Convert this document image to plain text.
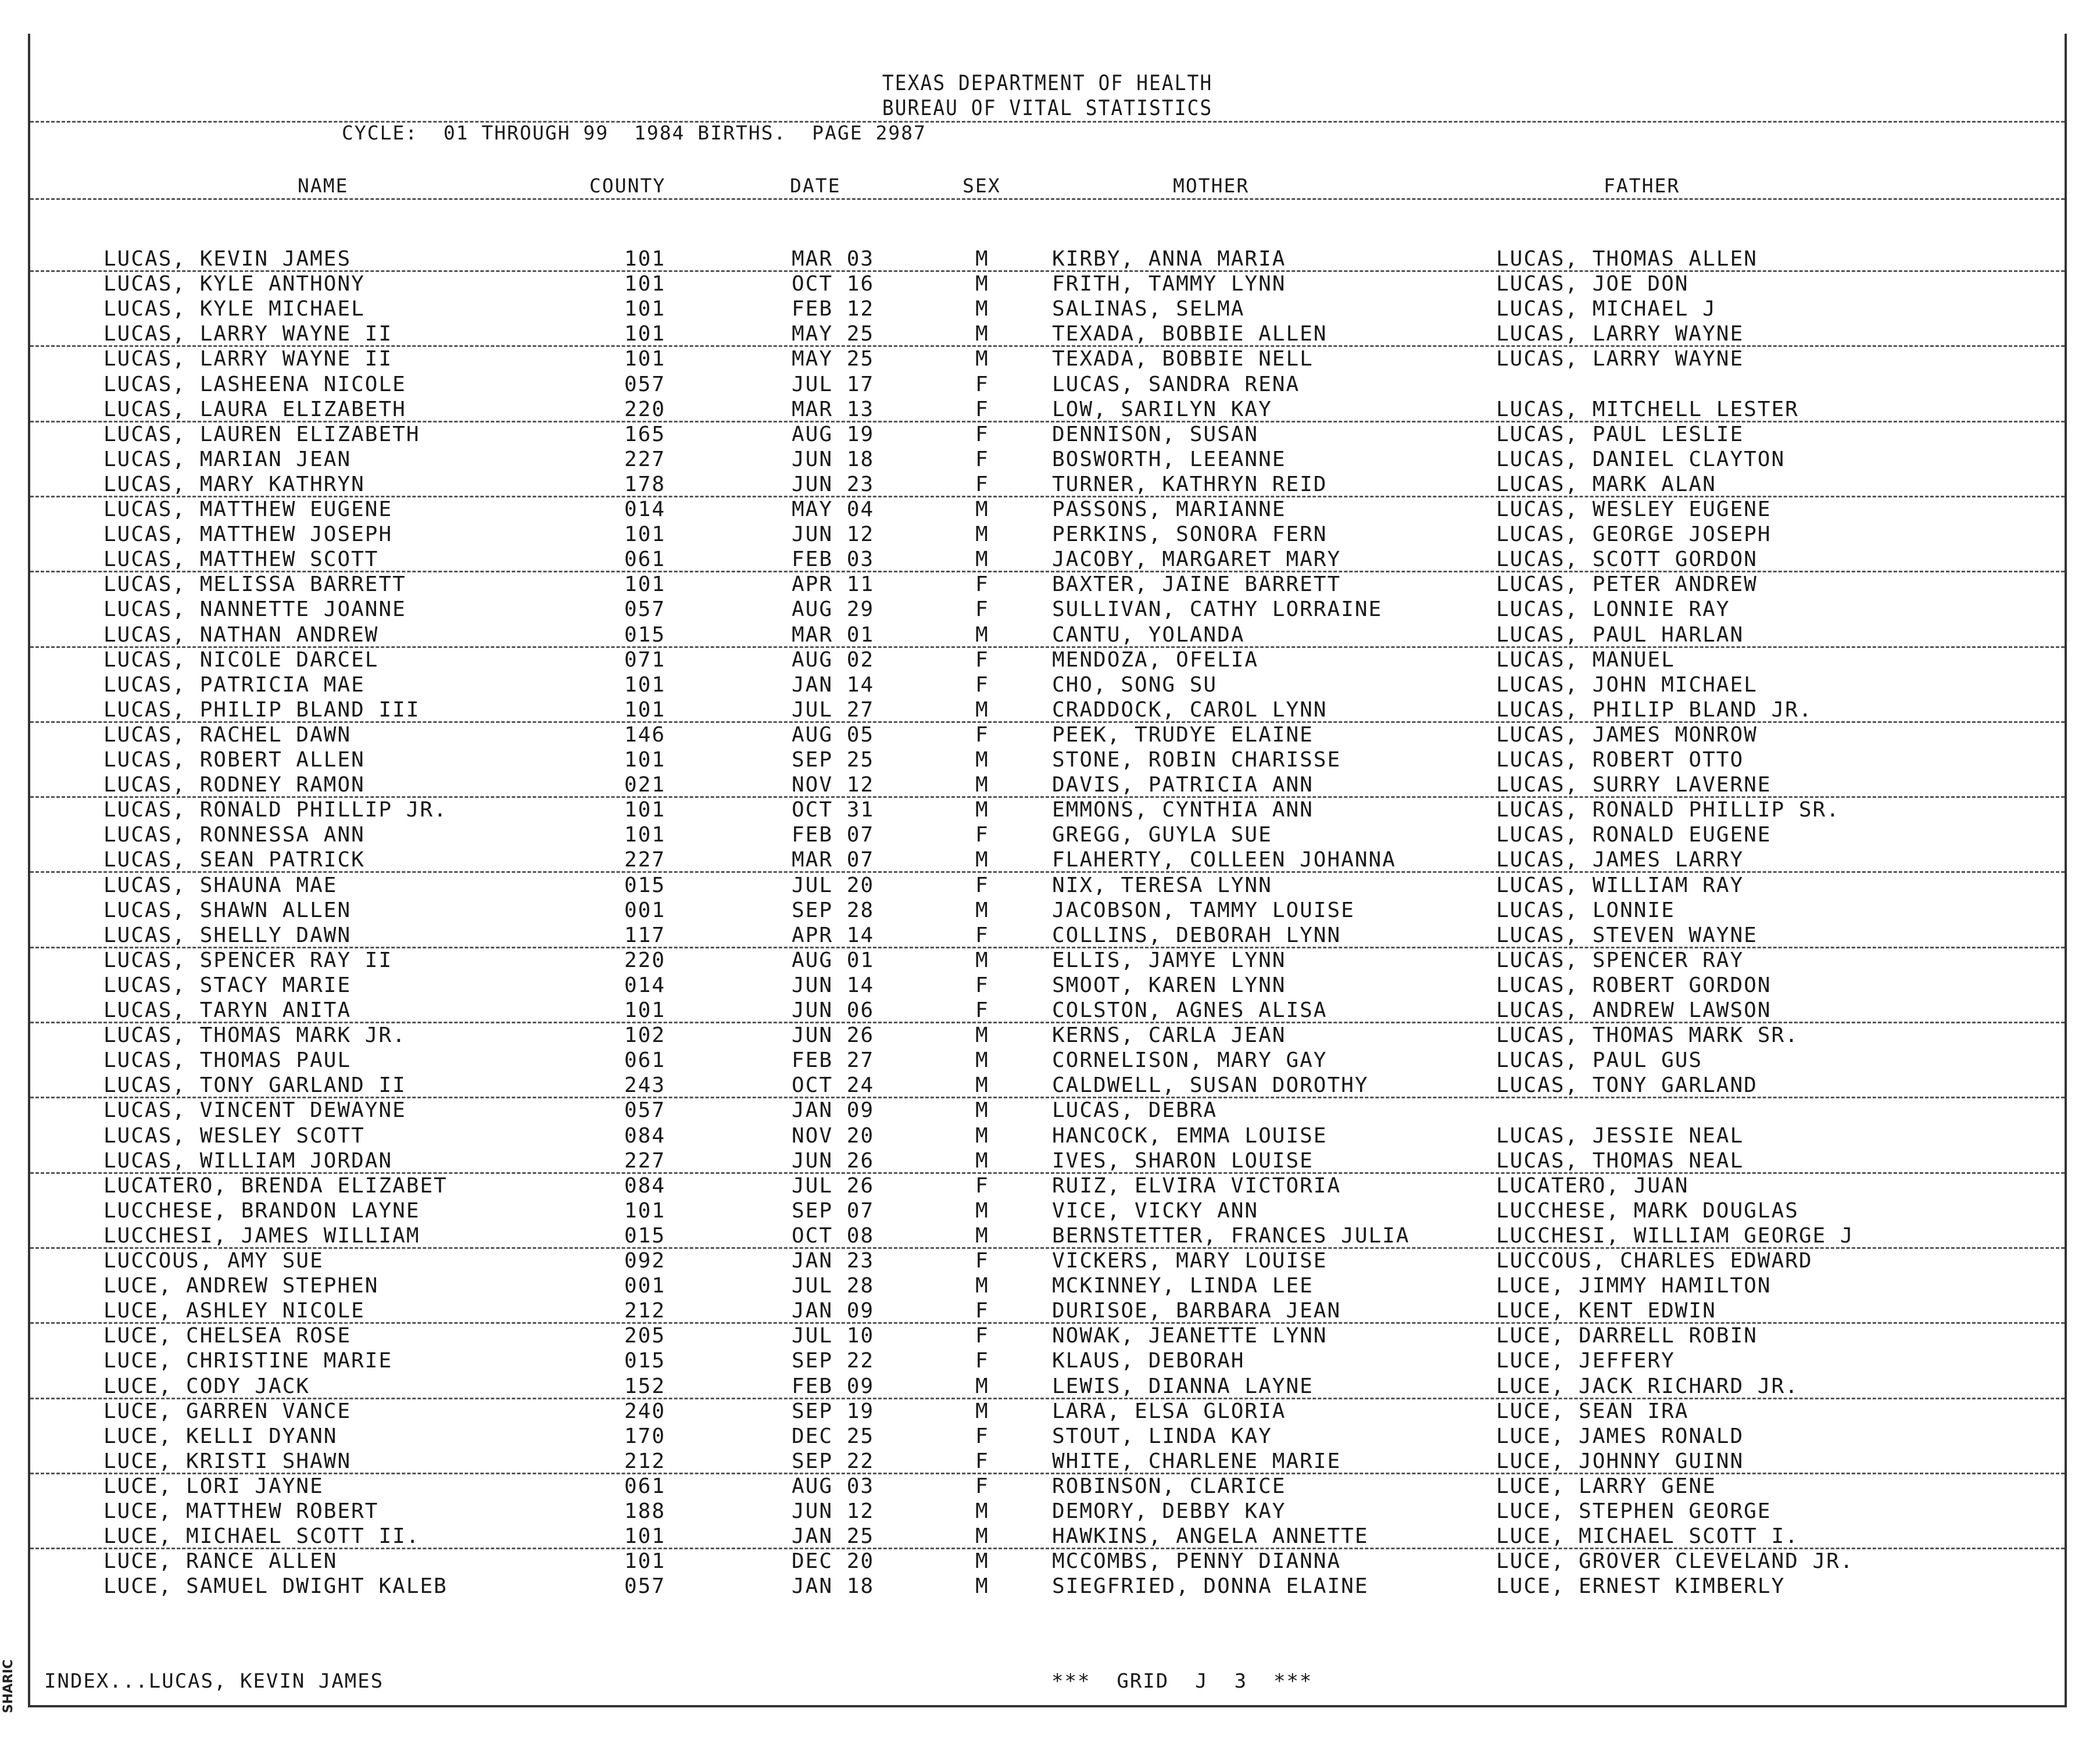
TEXAS DEPARTMENT OF HEALTH
BUREAU OF VITAL STATISTICS
CYCLE:  01 THROUGH 99  1984 BIRTHS.  PAGE 2987
NAME	COUNTY	DATE	SEX	MOTHER	FATHER
LUCAS, KEVIN JAMES	101	MAR 03	M	KIRBY, ANNA MARIA	LUCAS, THOMAS ALLEN
LUCAS, KYLE ANTHONY	101	OCT 16	M	FRITH, TAMMY LYNN	LUCAS, JOE DON
LUCAS, KYLE MICHAEL	101	FEB 12	M	SALINAS, SELMA	LUCAS, MICHAEL J
LUCAS, LARRY WAYNE II	101	MAY 25	M	TEXADA, BOBBIE ALLEN	LUCAS, LARRY WAYNE
LUCAS, LARRY WAYNE II	101	MAY 25	M	TEXADA, BOBBIE NELL	LUCAS, LARRY WAYNE
LUCAS, LASHEENA NICOLE	057	JUL 17	F	LUCAS, SANDRA RENA
LUCAS, LAURA ELIZABETH	220	MAR 13	F	LOW, SARILYN KAY	LUCAS, MITCHELL LESTER
LUCAS, LAUREN ELIZABETH	165	AUG 19	F	DENNISON, SUSAN	LUCAS, PAUL LESLIE
LUCAS, MARIAN JEAN	227	JUN 18	F	BOSWORTH, LEEANNE	LUCAS, DANIEL CLAYTON
LUCAS, MARY KATHRYN	178	JUN 23	F	TURNER, KATHRYN REID	LUCAS, MARK ALAN
LUCAS, MATTHEW EUGENE	014	MAY 04	M	PASSONS, MARIANNE	LUCAS, WESLEY EUGENE
LUCAS, MATTHEW JOSEPH	101	JUN 12	M	PERKINS, SONORA FERN	LUCAS, GEORGE JOSEPH
LUCAS, MATTHEW SCOTT	061	FEB 03	M	JACOBY, MARGARET MARY	LUCAS, SCOTT GORDON
LUCAS, MELISSA BARRETT	101	APR 11	F	BAXTER, JAINE BARRETT	LUCAS, PETER ANDREW
LUCAS, NANNETTE JOANNE	057	AUG 29	F	SULLIVAN, CATHY LORRAINE	LUCAS, LONNIE RAY
LUCAS, NATHAN ANDREW	015	MAR 01	M	CANTU, YOLANDA	LUCAS, PAUL HARLAN
LUCAS, NICOLE DARCEL	071	AUG 02	F	MENDOZA, OFELIA	LUCAS, MANUEL
LUCAS, PATRICIA MAE	101	JAN 14	F	CHO, SONG SU	LUCAS, JOHN MICHAEL
LUCAS, PHILIP BLAND III	101	JUL 27	M	CRADDOCK, CAROL LYNN	LUCAS, PHILIP BLAND JR.
LUCAS, RACHEL DAWN	146	AUG 05	F	PEEK, TRUDYE ELAINE	LUCAS, JAMES MONROW
LUCAS, ROBERT ALLEN	101	SEP 25	M	STONE, ROBIN CHARISSE	LUCAS, ROBERT OTTO
LUCAS, RODNEY RAMON	021	NOV 12	M	DAVIS, PATRICIA ANN	LUCAS, SURRY LAVERNE
LUCAS, RONALD PHILLIP JR.	101	OCT 31	M	EMMONS, CYNTHIA ANN	LUCAS, RONALD PHILLIP SR.
LUCAS, RONNESSA ANN	101	FEB 07	F	GREGG, GUYLA SUE	LUCAS, RONALD EUGENE
LUCAS, SEAN PATRICK	227	MAR 07	M	FLAHERTY, COLLEEN JOHANNA	LUCAS, JAMES LARRY
LUCAS, SHAUNA MAE	015	JUL 20	F	NIX, TERESA LYNN	LUCAS, WILLIAM RAY
LUCAS, SHAWN ALLEN	001	SEP 28	M	JACOBSON, TAMMY LOUISE	LUCAS, LONNIE
LUCAS, SHELLY DAWN	117	APR 14	F	COLLINS, DEBORAH LYNN	LUCAS, STEVEN WAYNE
LUCAS, SPENCER RAY II	220	AUG 01	M	ELLIS, JAMYE LYNN	LUCAS, SPENCER RAY
LUCAS, STACY MARIE	014	JUN 14	F	SMOOT, KAREN LYNN	LUCAS, ROBERT GORDON
LUCAS, TARYN ANITA	101	JUN 06	F	COLSTON, AGNES ALISA	LUCAS, ANDREW LAWSON
LUCAS, THOMAS MARK JR.	102	JUN 26	M	KERNS, CARLA JEAN	LUCAS, THOMAS MARK SR.
LUCAS, THOMAS PAUL	061	FEB 27	M	CORNELISON, MARY GAY	LUCAS, PAUL GUS
LUCAS, TONY GARLAND II	243	OCT 24	M	CALDWELL, SUSAN DOROTHY	LUCAS, TONY GARLAND
LUCAS, VINCENT DEWAYNE	057	JAN 09	M	LUCAS, DEBRA
LUCAS, WESLEY SCOTT	084	NOV 20	M	HANCOCK, EMMA LOUISE	LUCAS, JESSIE NEAL
LUCAS, WILLIAM JORDAN	227	JUN 26	M	IVES, SHARON LOUISE	LUCAS, THOMAS NEAL
LUCATERO, BRENDA ELIZABET	084	JUL 26	F	RUIZ, ELVIRA VICTORIA	LUCATERO, JUAN
LUCCHESE, BRANDON LAYNE	101	SEP 07	M	VICE, VICKY ANN	LUCCHESE, MARK DOUGLAS
LUCCHESI, JAMES WILLIAM	015	OCT 08	M	BERNSTETTER, FRANCES JULIA	LUCCHESI, WILLIAM GEORGE J
LUCCOUS, AMY SUE	092	JAN 23	F	VICKERS, MARY LOUISE	LUCCOUS, CHARLES EDWARD
LUCE, ANDREW STEPHEN	001	JUL 28	M	MCKINNEY, LINDA LEE	LUCE, JIMMY HAMILTON
LUCE, ASHLEY NICOLE	212	JAN 09	F	DURISOE, BARBARA JEAN	LUCE, KENT EDWIN
LUCE, CHELSEA ROSE	205	JUL 10	F	NOWAK, JEANETTE LYNN	LUCE, DARRELL ROBIN
LUCE, CHRISTINE MARIE	015	SEP 22	F	KLAUS, DEBORAH	LUCE, JEFFERY
LUCE, CODY JACK	152	FEB 09	M	LEWIS, DIANNA LAYNE	LUCE, JACK RICHARD JR.
LUCE, GARREN VANCE	240	SEP 19	M	LARA, ELSA GLORIA	LUCE, SEAN IRA
LUCE, KELLI DYANN	170	DEC 25	F	STOUT, LINDA KAY	LUCE, JAMES RONALD
LUCE, KRISTI SHAWN	212	SEP 22	F	WHITE, CHARLENE MARIE	LUCE, JOHNNY GUINN
LUCE, LORI JAYNE	061	AUG 03	F	ROBINSON, CLARICE	LUCE, LARRY GENE
LUCE, MATTHEW ROBERT	188	JUN 12	M	DEMORY, DEBBY KAY	LUCE, STEPHEN GEORGE
LUCE, MICHAEL SCOTT II.	101	JAN 25	M	HAWKINS, ANGELA ANNETTE	LUCE, MICHAEL SCOTT I.
LUCE, RANCE ALLEN	101	DEC 20	M	MCCOMBS, PENNY DIANNA	LUCE, GROVER CLEVELAND JR.
LUCE, SAMUEL DWIGHT KALEB	057	JAN 18	M	SIEGFRIED, DONNA ELAINE	LUCE, ERNEST KIMBERLY
INDEX...LUCAS, KEVIN JAMES	***  GRID  J  3  ***
SHARIC
